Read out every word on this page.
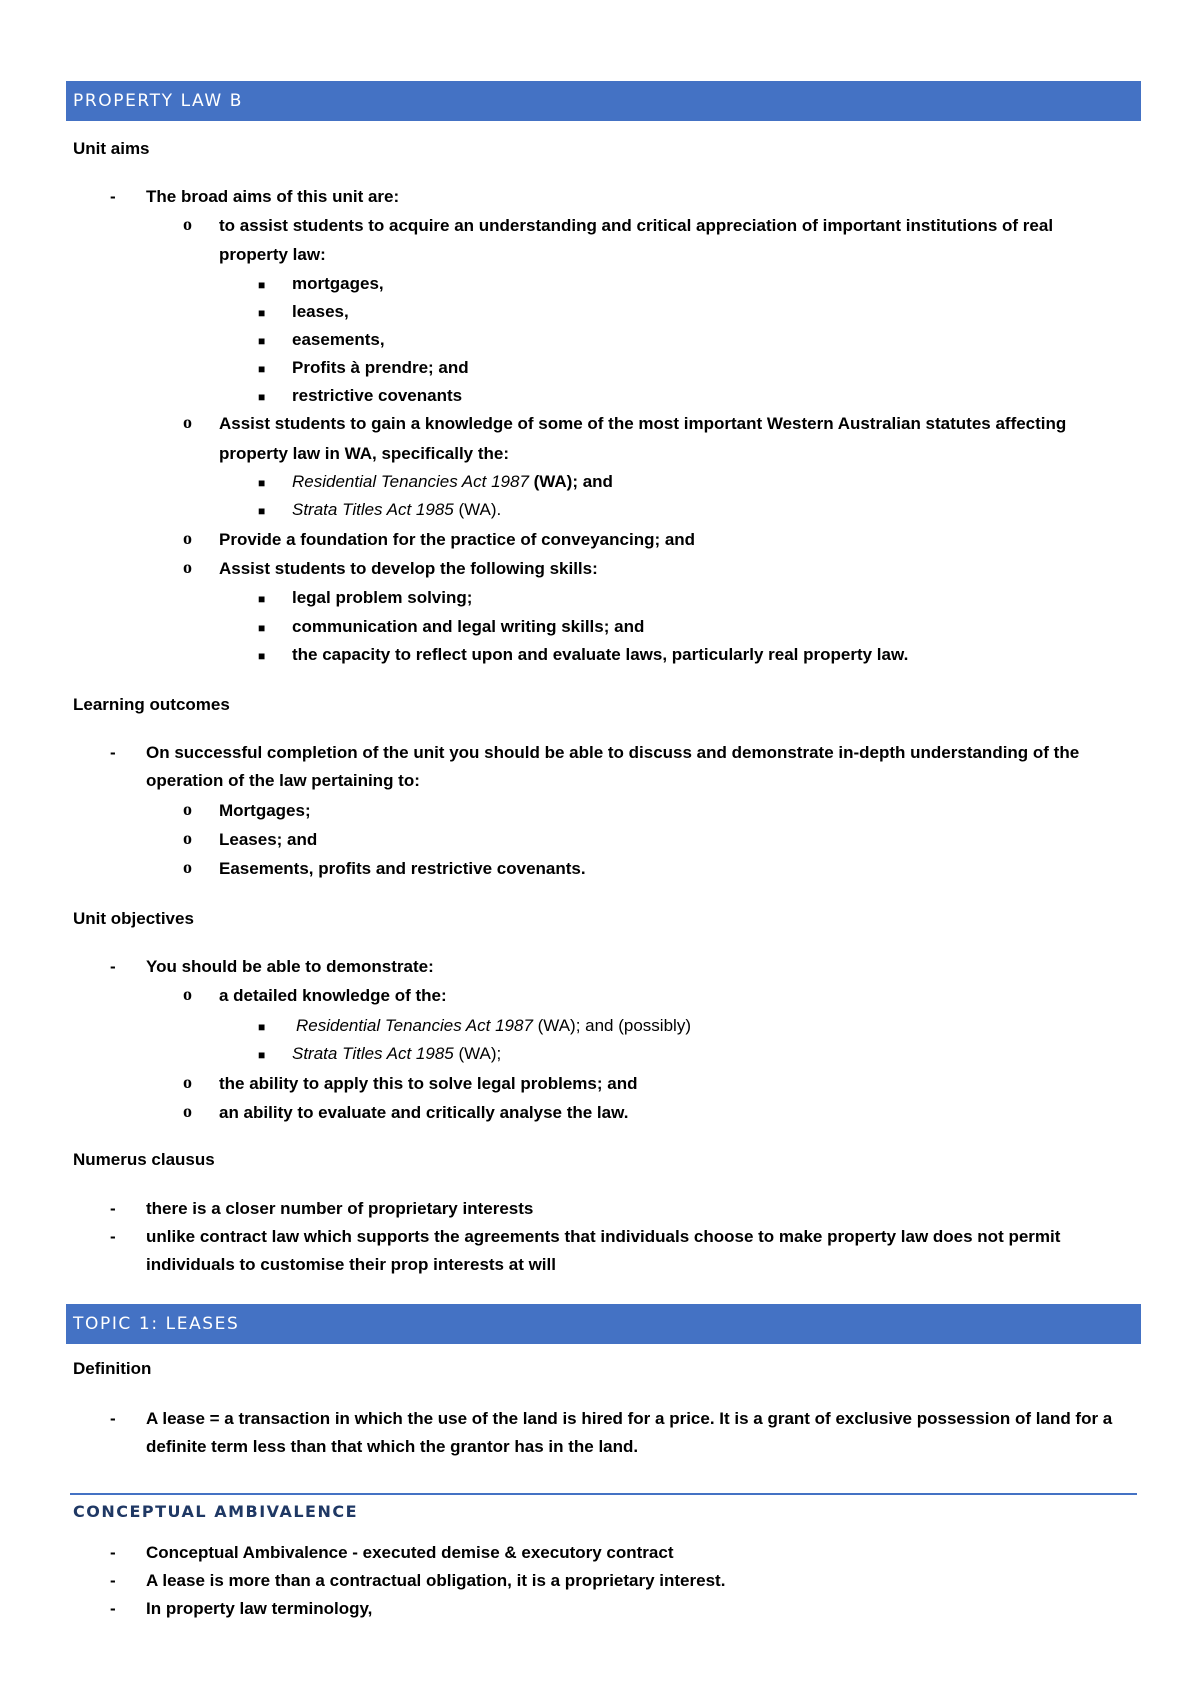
PROPERTY LAW B
Unit aims
- The broad aims of this unit are:
o to assist students to acquire an understanding and critical appreciation of important institutions of real
property law:
■ mortgages,
■ leases,
■ easements,
■ Profits à prendre; and
■ restrictive covenants
o Assist students to gain a knowledge of some of the most important Western Australian statutes affecting
property law in WA, specifically the:
■ Residential Tenancies Act 1987 (WA); and
■ Strata Titles Act 1985 (WA).
o Provide a foundation for the practice of conveyancing; and
o Assist students to develop the following skills:
■ legal problem solving;
■ communication and legal writing skills; and
■ the capacity to reflect upon and evaluate laws, particularly real property law.
Learning outcomes
- On successful completion of the unit you should be able to discuss and demonstrate in-depth understanding of the
operation of the law pertaining to:
o Mortgages;
o Leases; and
o Easements, profits and restrictive covenants.
Unit objectives
- You should be able to demonstrate:
o a detailed knowledge of the:
■ Residential Tenancies Act 1987 (WA); and (possibly)
■ Strata Titles Act 1985 (WA);
o the ability to apply this to solve legal problems; and
o an ability to evaluate and critically analyse the law.
Numerus clausus
- there is a closer number of proprietary interests
- unlike contract law which supports the agreements that individuals choose to make property law does not permit
individuals to customise their prop interests at will
TOPIC 1: LEASES
Definition
- A lease = a transaction in which the use of the land is hired for a price. It is a grant of exclusive possession of land for a
definite term less than that which the grantor has in the land.
CONCEPTUAL AMBIVALENCE
- Conceptual Ambivalence - executed demise & executory contract
- A lease is more than a contractual obligation, it is a proprietary interest.
- In property law terminology,
